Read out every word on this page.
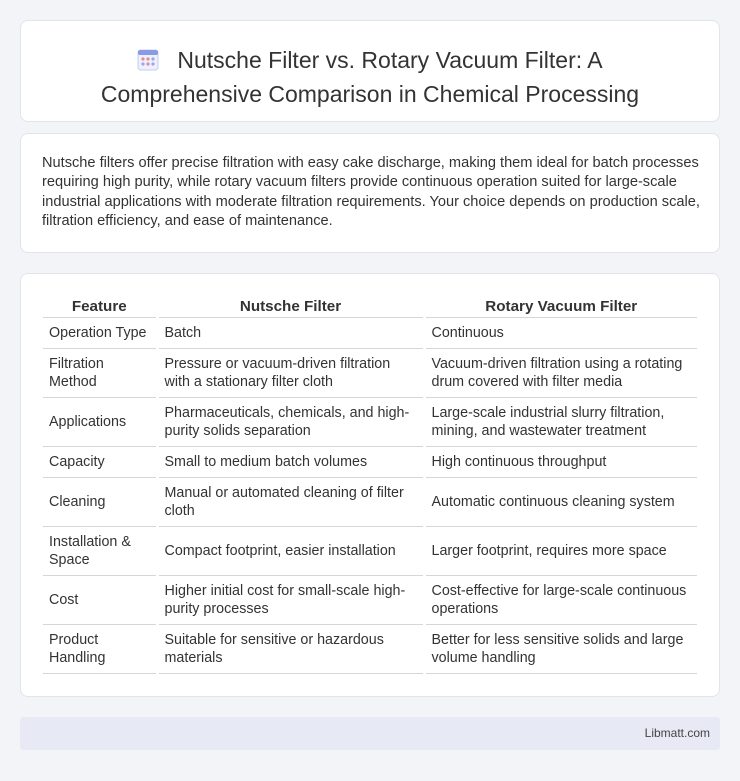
Nutsche Filter vs. Rotary Vacuum Filter: A
Comprehensive Comparison in Chemical Processing

Nutsche filters offer precise filtration with easy cake discharge, making them ideal for batch processes requiring high purity, while rotary vacuum filters provide continuous operation suited for large-scale industrial applications with moderate filtration requirements. Your choice depends on production scale, filtration efficiency, and ease of maintenance.

Feature	Nutsche Filter	Rotary Vacuum Filter
Operation Type	Batch	Continuous
Filtration Method	Pressure or vacuum-driven filtration with a stationary filter cloth	Vacuum-driven filtration using a rotating drum covered with filter media
Applications	Pharmaceuticals, chemicals, and high-purity solids separation	Large-scale industrial slurry filtration, mining, and wastewater treatment
Capacity	Small to medium batch volumes	High continuous throughput
Cleaning	Manual or automated cleaning of filter cloth	Automatic continuous cleaning system
Installation & Space	Compact footprint, easier installation	Larger footprint, requires more space
Cost	Higher initial cost for small-scale high-purity processes	Cost-effective for large-scale continuous operations
Product Handling	Suitable for sensitive or hazardous materials	Better for less sensitive solids and large volume handling
Libmatt.com
